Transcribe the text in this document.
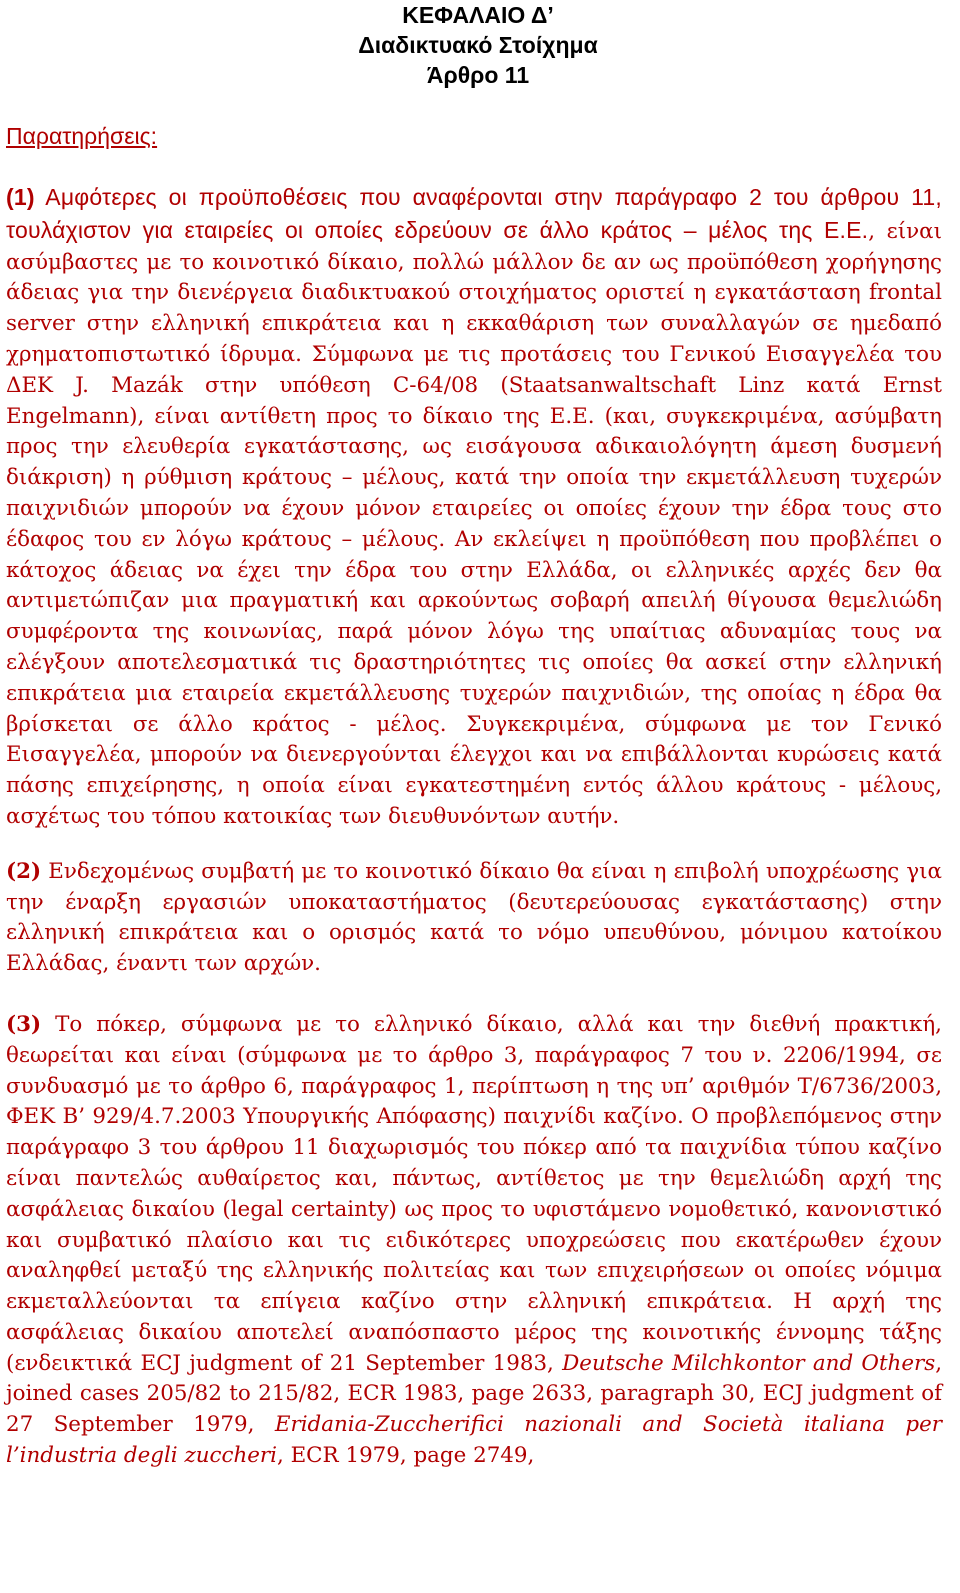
ΚΕΦΑΛΑΙΟ Δ’
Διαδικτυακό Στοίχημα
Άρθρο 11
Παρατηρήσεις:

(1) Αμφότερες οι προϋποθέσεις που αναφέρονται στην παράγραφο 2 του άρθρου 11, τουλάχιστον για εταιρείες οι οποίες εδρεύουν σε άλλο κράτος – μέλος της Ε.Ε., είναι ασύμβαστες με το κοινοτικό δίκαιο, πολλώ μάλλον δε αν ως προϋπόθεση χορήγησης άδειας για την διενέργεια διαδικτυακού στοιχήματος οριστεί η εγκατάσταση frontal server στην ελληνική επικράτεια και η εκκαθάριση των συναλλαγών σε ημεδαπό χρηματοπιστωτικό ίδρυμα. Σύμφωνα με τις προτάσεις του Γενικού Εισαγγελέα του ΔΕΚ J. Mazák στην υπόθεση C-64/08 (Staatsanwaltschaft Linz κατά Ernst Engelmann), είναι αντίθετη προς το δίκαιο της Ε.Ε. (και, συγκεκριμένα, ασύμβατη προς την ελευθερία εγκατάστασης, ως εισάγουσα αδικαιολόγητη άμεση δυσμενή διάκριση) η ρύθμιση κράτους – μέλους, κατά την οποία την εκμετάλλευση τυχερών παιχνιδιών μπορούν να έχουν μόνον εταιρείες οι οποίες έχουν την έδρα τους στο έδαφος του εν λόγω κράτους – μέλους. Αν εκλείψει η προϋπόθεση που προβλέπει ο κάτοχος άδειας να έχει την έδρα του στην Ελλάδα, οι ελληνικές αρχές δεν θα αντιμετώπιζαν μια πραγματική και αρκούντως σοβαρή απειλή θίγουσα θεμελιώδη συμφέροντα της κοινωνίας, παρά μόνον λόγω της υπαίτιας αδυναμίας τους να ελέγξουν αποτελεσματικά τις δραστηριότητες τις οποίες θα ασκεί στην ελληνική επικράτεια μια εταιρεία εκμετάλλευσης τυχερών παιχνιδιών, της οποίας η έδρα θα βρίσκεται σε άλλο κράτος - μέλος. Συγκεκριμένα, σύμφωνα με τον Γενικό Εισαγγελέα, μπορούν να διενεργούνται έλεγχοι και να επιβάλλονται κυρώσεις κατά πάσης επιχείρησης, η οποία είναι εγκατεστημένη εντός άλλου κράτους - μέλους, ασχέτως του τόπου κατοικίας των διευθυνόντων αυτήν.

(2) Ενδεχομένως συμβατή με το κοινοτικό δίκαιο θα είναι η επιβολή υποχρέωσης για την έναρξη εργασιών υποκαταστήματος (δευτερεύουσας εγκατάστασης) στην ελληνική επικράτεια και ο ορισμός κατά το νόμο υπευθύνου, μόνιμου κατοίκου Ελλάδας, έναντι των αρχών.

(3) Το πόκερ, σύμφωνα με το ελληνικό δίκαιο, αλλά και την διεθνή πρακτική, θεωρείται και είναι (σύμφωνα με το άρθρο 3, παράγραφος 7 του ν. 2206/1994, σε συνδυασμό με το άρθρο 6, παράγραφος 1, περίπτωση η της υπ’ αριθμόν Τ/6736/2003, ΦΕΚ Β’ 929/4.7.2003 Υπουργικής Απόφασης) παιχνίδι καζίνο. Ο προβλεπόμενος στην παράγραφο 3 του άρθρου 11 διαχωρισμός του πόκερ από τα παιχνίδια τύπου καζίνο είναι παντελώς αυθαίρετος και, πάντως, αντίθετος με την θεμελιώδη αρχή της ασφάλειας δικαίου (legal certainty) ως προς το υφιστάμενο νομοθετικό, κανονιστικό και συμβατικό πλαίσιο και τις ειδικότερες υποχρεώσεις που εκατέρωθεν έχουν αναληφθεί μεταξύ της ελληνικής πολιτείας και των επιχειρήσεων οι οποίες νόμιμα εκμεταλλεύονται τα επίγεια καζίνο στην ελληνική επικράτεια. Η αρχή της ασφάλειας δικαίου αποτελεί αναπόσπαστο μέρος της κοινοτικής έννομης τάξης (ενδεικτικά ECJ judgment of 21 September 1983, Deutsche Milchkontor and Others, joined cases 205/82 to 215/82, ECR 1983, page 2633, paragraph 30, ECJ judgment of 27 September 1979, Eridania-Zuccherifici nazionali and Società italiana per l’industria degli zuccheri, ECR 1979, page 2749,
